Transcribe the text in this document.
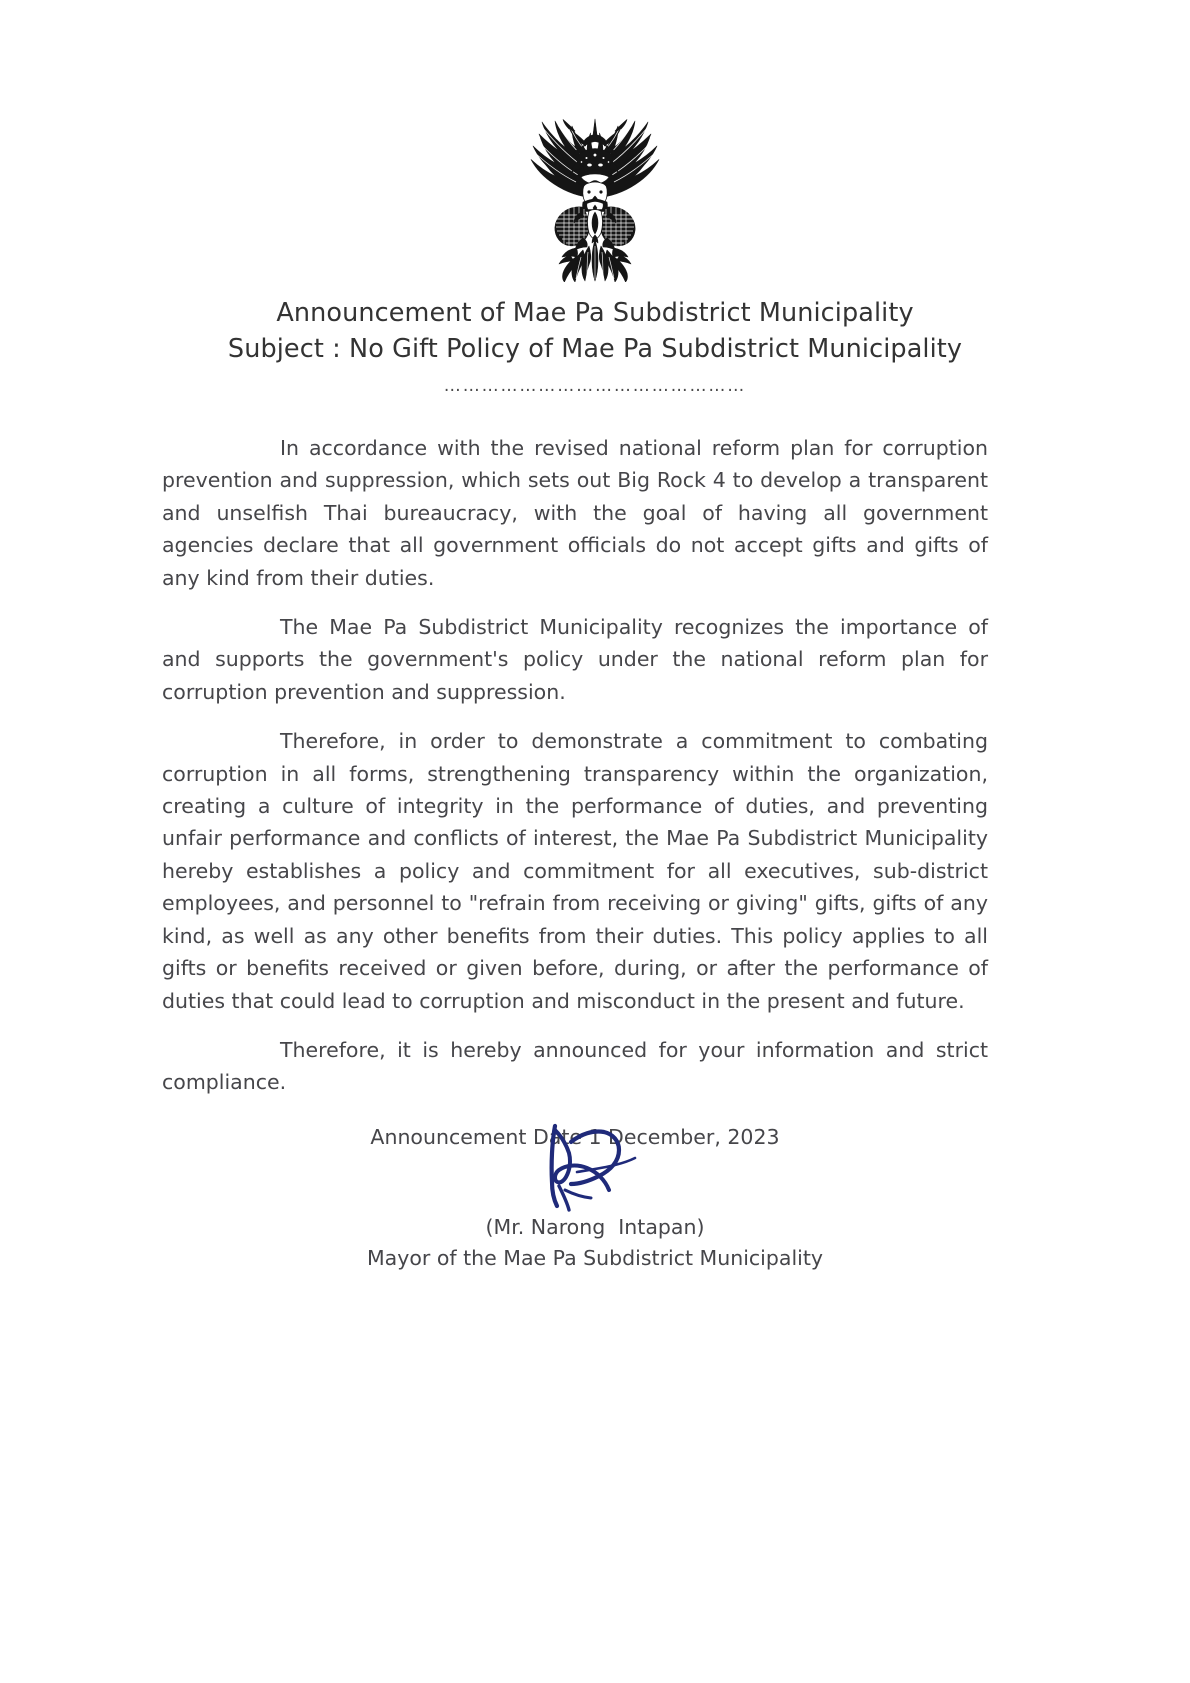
Announcement of Mae Pa Subdistrict Municipality
Subject : No Gift Policy of Mae Pa Subdistrict Municipality
…………………………………………

In accordance with the revised national reform plan for corruption prevention and suppression, which sets out Big Rock 4 to develop a transparent and unselfish Thai bureaucracy, with the goal of having all government agencies declare that all government officials do not accept gifts and gifts of any kind from their duties.

The Mae Pa Subdistrict Municipality recognizes the importance of and supports the government's policy under the national reform plan for corruption prevention and suppression.

Therefore, in order to demonstrate a commitment to combating corruption in all forms, strengthening transparency within the organization, creating a culture of integrity in the performance of duties, and preventing unfair performance and conflicts of interest, the Mae Pa Subdistrict Municipality hereby establishes a policy and commitment for all executives, sub-district employees, and personnel to "refrain from receiving or giving" gifts, gifts of any kind, as well as any other benefits from their duties. This policy applies to all gifts or benefits received or given before, during, or after the performance of duties that could lead to corruption and misconduct in the present and future.

Therefore, it is hereby announced for your information and strict compliance.

Announcement Date 1 December, 2023

(Mr. Narong  Intapan)
Mayor of the Mae Pa Subdistrict Municipality
